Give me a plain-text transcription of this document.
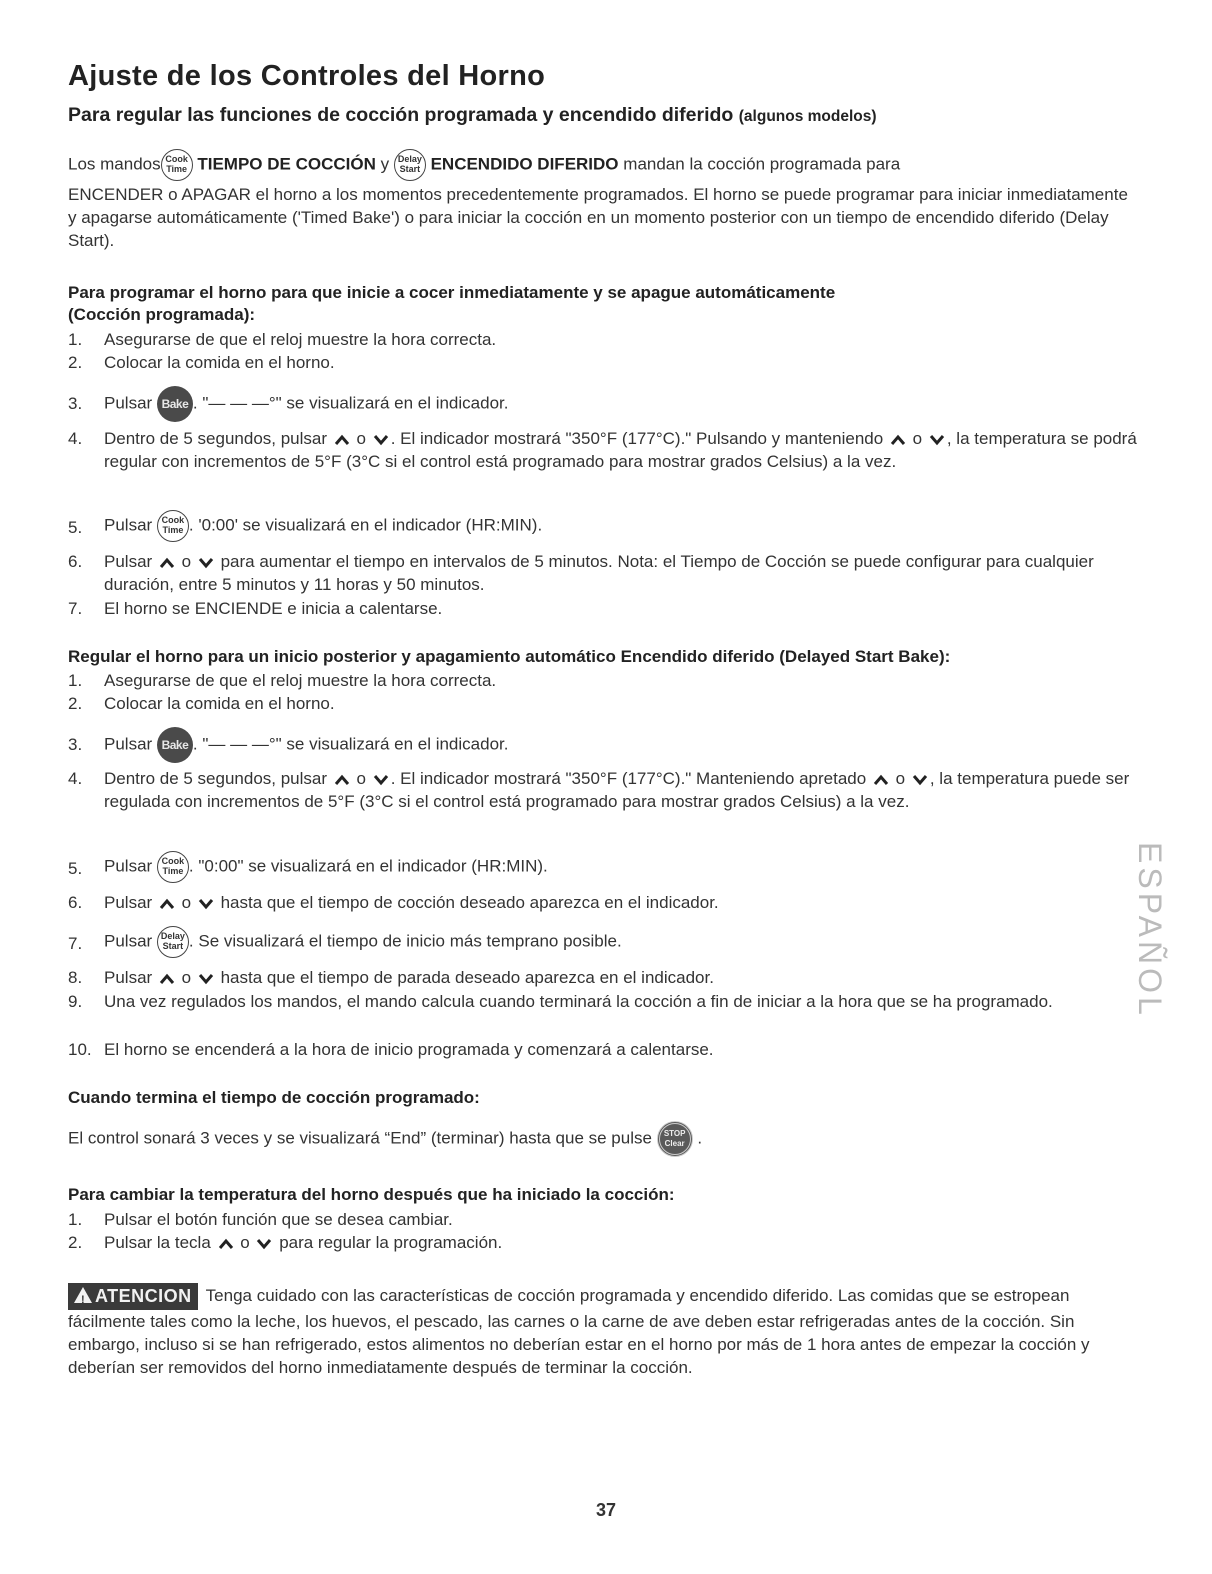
Ajuste de los Controles del Horno
Para regular las funciones de cocción programada y encendido diferido (algunos modelos)
Los mandos Cook
Time TIEMPO DE COCCIÓN y Delay
Start ENCENDIDO DIFERIDO mandan la cocción programada para
ENCENDER o APAGAR el horno a los momentos precedentemente programados. El horno se puede programar para iniciar inmediatamente y apagarse automáticamente ('Timed Bake') o para iniciar la cocción en un momento posterior con un tiempo de encendido diferido (Delay Start).
Para programar el horno para que inicie a cocer inmediatamente y se apague automáticamente
(Cocción programada):
1.	Asegurarse de que el reloj muestre la hora correcta.
2.	Colocar la comida en el horno.
3.	Pulsar Bake . "— — —°" se visualizará en el indicador.
4.	Dentro de 5 segundos, pulsar o . El indicador mostrará "350°F (177°C)." Pulsando y manteniendo o , la temperatura se podrá regular con incrementos de 5°F (3°C si el control está programado para mostrar grados Celsius) a la vez.
5.	Pulsar Cook
Time . '0:00' se visualizará en el indicador (HR:MIN).
6.	Pulsar o para aumentar el tiempo en intervalos de 5 minutos. Nota: el Tiempo de Cocción se puede configurar para cualquier duración, entre 5 minutos y 11 horas y 50 minutos.
7.	El horno se ENCIENDE e inicia a calentarse.
Regular el horno para un inicio posterior y apagamiento automático Encendido diferido (Delayed Start Bake):
1.	Asegurarse de que el reloj muestre la hora correcta.
2.	Colocar la comida en el horno.
3.	Pulsar Bake . "— — —°" se visualizará en el indicador.
4.	Dentro de 5 segundos, pulsar o . El indicador mostrará "350°F (177°C)." Manteniendo apretado o , la temperatura puede ser regulada con incrementos de 5°F (3°C si el control está programado para mostrar grados Celsius) a la vez.
5.	Pulsar Cook
Time . "0:00" se visualizará en el indicador (HR:MIN).
6.	Pulsar o hasta que el tiempo de cocción deseado aparezca en el indicador.
7.	Pulsar Delay
Start . Se visualizará el tiempo de inicio más temprano posible.
8.	Pulsar o hasta que el tiempo de parada deseado aparezca en el indicador.
9.	Una vez regulados los mandos, el mando calcula cuando terminará la cocción a fin de iniciar a la hora que se ha programado.
10. El horno se encenderá a la hora de inicio programada y comenzará a calentarse.
Cuando termina el tiempo de cocción programado:
El control sonará 3 veces y se visualizará “End” (terminar) hasta que se pulse STOP
Clear .
Para cambiar la temperatura del horno después que ha iniciado la cocción:
1.	Pulsar el botón función que se desea cambiar.
2.	Pulsar la tecla o para regular la programación.
!ATENCION Tenga cuidado con las características de cocción programada y encendido diferido. Las comidas que se estropean fácilmente tales como la leche, los huevos, el pescado, las carnes o la carne de ave deben estar refrigeradas antes de la cocción. Sin embargo, incluso si se han refrigerado, estos alimentos no deberían estar en el horno por más de 1 hora antes de empezar la cocción y deberían ser removidos del horno inmediatamente después de terminar la cocción.
ESPAÑOL
37
